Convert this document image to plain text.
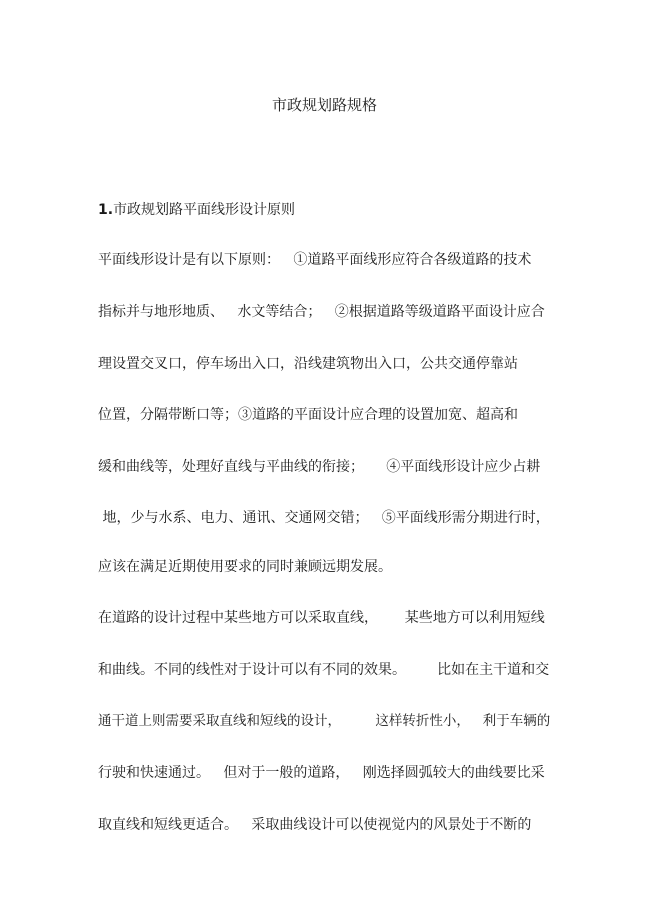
市政规划路规格
1.市政规划路平面线形设计原则
平面线形设计是有以下原则：   ①道路平面线形应符合各级道路的技术
指标并与地形地质、   水文等结合；   ②根据道路等级道路平面设计应合
理设置交叉口，停车场出入口，沿线建筑物出入口，公共交通停靠站
位置，分隔带断口等；③道路的平面设计应合理的设置加宽、超高和
缓和曲线等，处理好直线与平曲线的衔接；     ④平面线形设计应少占耕
地，少与水系、电力、通讯、交通网交错；   ⑤平面线形需分期进行时，
应该在满足近期使用要求的同时兼顾远期发展。
在道路的设计过程中某些地方可以采取直线，      某些地方可以利用短线
和曲线。不同的线性对于设计可以有不同的效果。       比如在主干道和交
通干道上则需要采取直线和短线的设计，        这样转折性小，   利于车辆的
行驶和快速通过。   但对于一般的道路，   刚选择圆弧较大的曲线要比采
取直线和短线更适合。   采取曲线设计可以使视觉内的风景处于不断的
